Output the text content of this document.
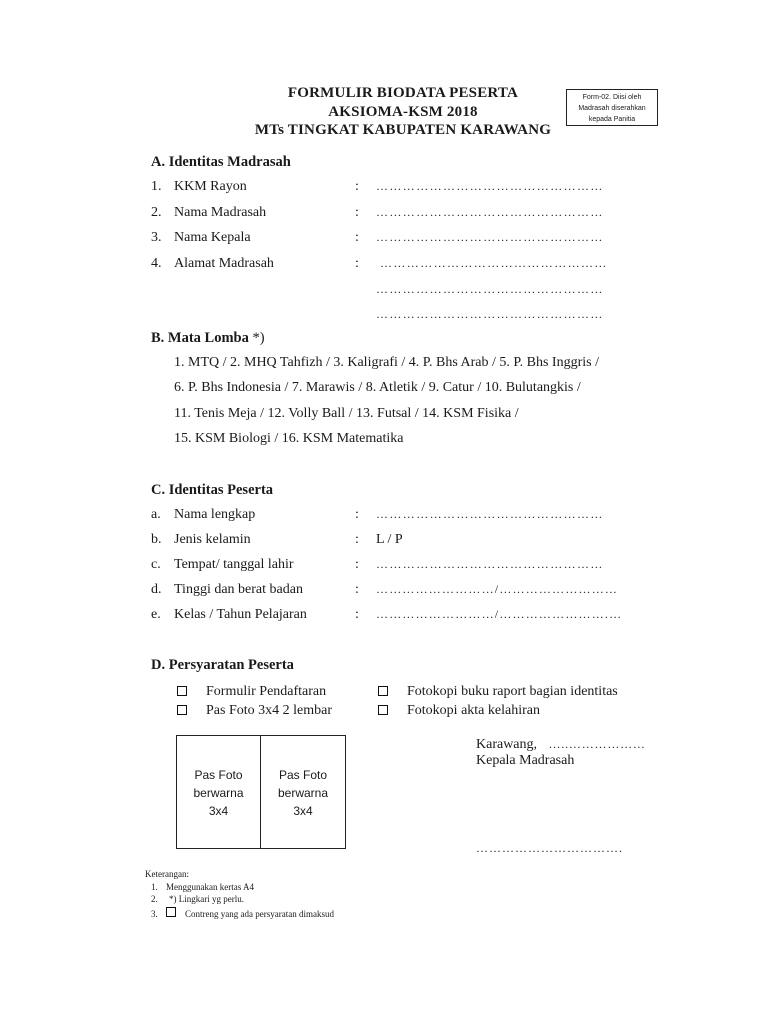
FORMULIR BIODATA PESERTA
AKSIOMA-KSM 2018
MTs TINGKAT KABUPATEN KARAWANG
Form-02. Diisi oleh
Madrasah diserahkan
kepada Panitia
A. Identitas Madrasah
1. KKM Rayon	: ……………………………………………
2. Nama Madrasah	: ……………………………………………
3. Nama Kepala	: ……………………………………………
4. Alamat Madrasah	: ……………………………………………
……………………………………………
……………………………………………
B. Mata Lomba *)
1. MTQ / 2. MHQ Tahfizh / 3. Kaligrafi / 4. P. Bhs Arab / 5. P. Bhs Inggris /
6. P. Bhs Indonesia / 7. Marawis / 8. Atletik / 9. Catur / 10. Bulutangkis /
11. Tenis Meja / 12. Volly Ball / 13. Futsal / 14. KSM Fisika /
15. KSM Biologi / 16. KSM Matematika
C. Identitas Peserta
a. Nama lengkap	: ……………………………………………
b. Jenis kelamin	: L / P
c. Tempat/ tanggal lahir	: ……………………………………………
d. Tinggi dan berat badan	: ………………………/………………………
e. Kelas / Tahun Pelajaran	: ………………………/…………………….…
D. Persyaratan Peserta
Formulir Pendaftaran	Fotokopi buku raport bagian identitas
Pas Foto 3x4 2 lembar	Fotokopi akta kelahiran
Pas Foto
berwarna
3x4
Pas Foto
berwarna
3x4
Karawang, …..………………
Kepala Madrasah
…………………………….
Keterangan:
1. Menggunakan kertas A4
2. *) Lingkari yg perlu.
3.	Contreng yang ada persyaratan dimaksud
